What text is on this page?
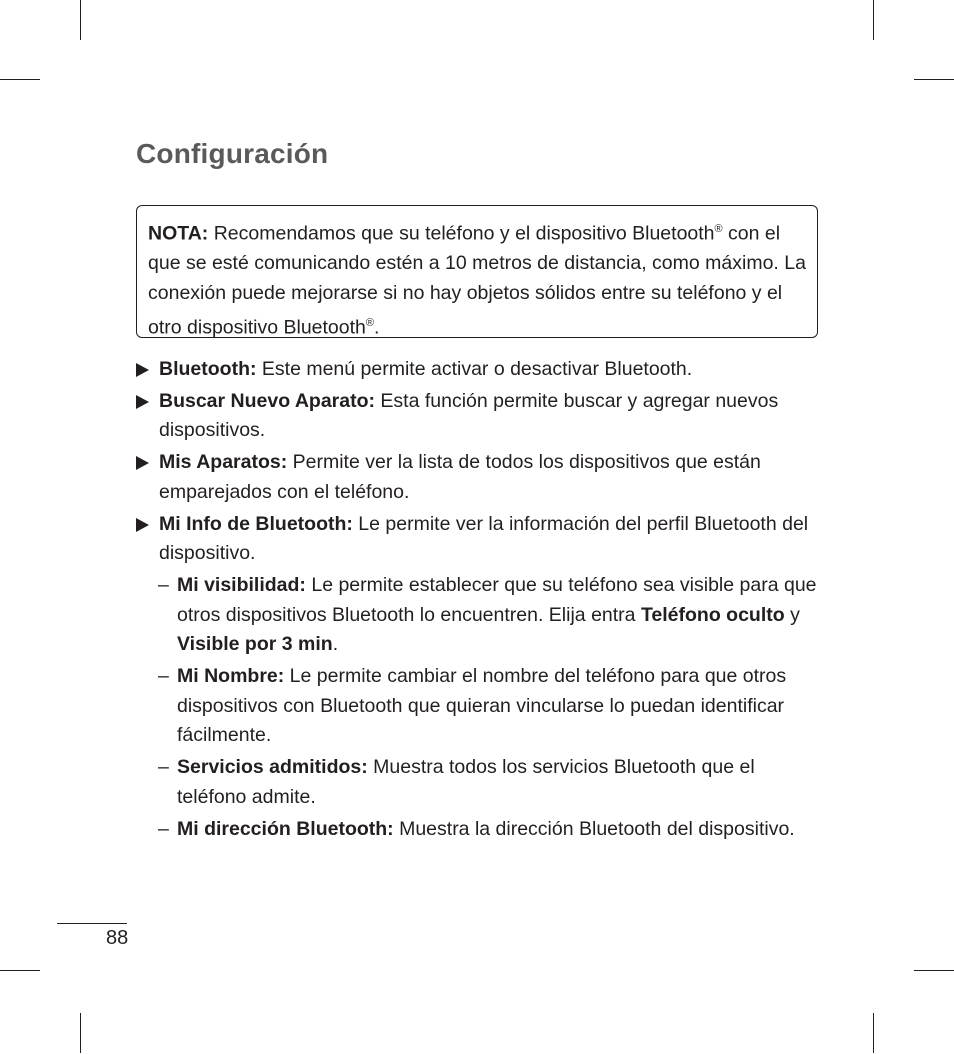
Configuración
NOTA: Recomendamos que su teléfono y el dispositivo Bluetooth® con el que se esté comunicando estén a 10 metros de distancia, como máximo. La conexión puede mejorarse si no hay objetos sólidos entre su teléfono y el otro dispositivo Bluetooth®.
Bluetooth: Este menú permite activar o desactivar Bluetooth.
Buscar Nuevo Aparato: Esta función permite buscar y agregar nuevos dispositivos.
Mis Aparatos: Permite ver la lista de todos los dispositivos que están emparejados con el teléfono.
Mi Info de Bluetooth: Le permite ver la información del perfil Bluetooth del dispositivo.
– Mi visibilidad: Le permite establecer que su teléfono sea visible para que otros dispositivos Bluetooth lo encuentren. Elija entra Teléfono oculto y Visible por 3 min.
– Mi Nombre: Le permite cambiar el nombre del teléfono para que otros dispositivos con Bluetooth que quieran vincularse lo puedan identificar fácilmente.
– Servicios admitidos: Muestra todos los servicios Bluetooth que el teléfono admite.
– Mi dirección Bluetooth: Muestra la dirección Bluetooth del dispositivo.
88
